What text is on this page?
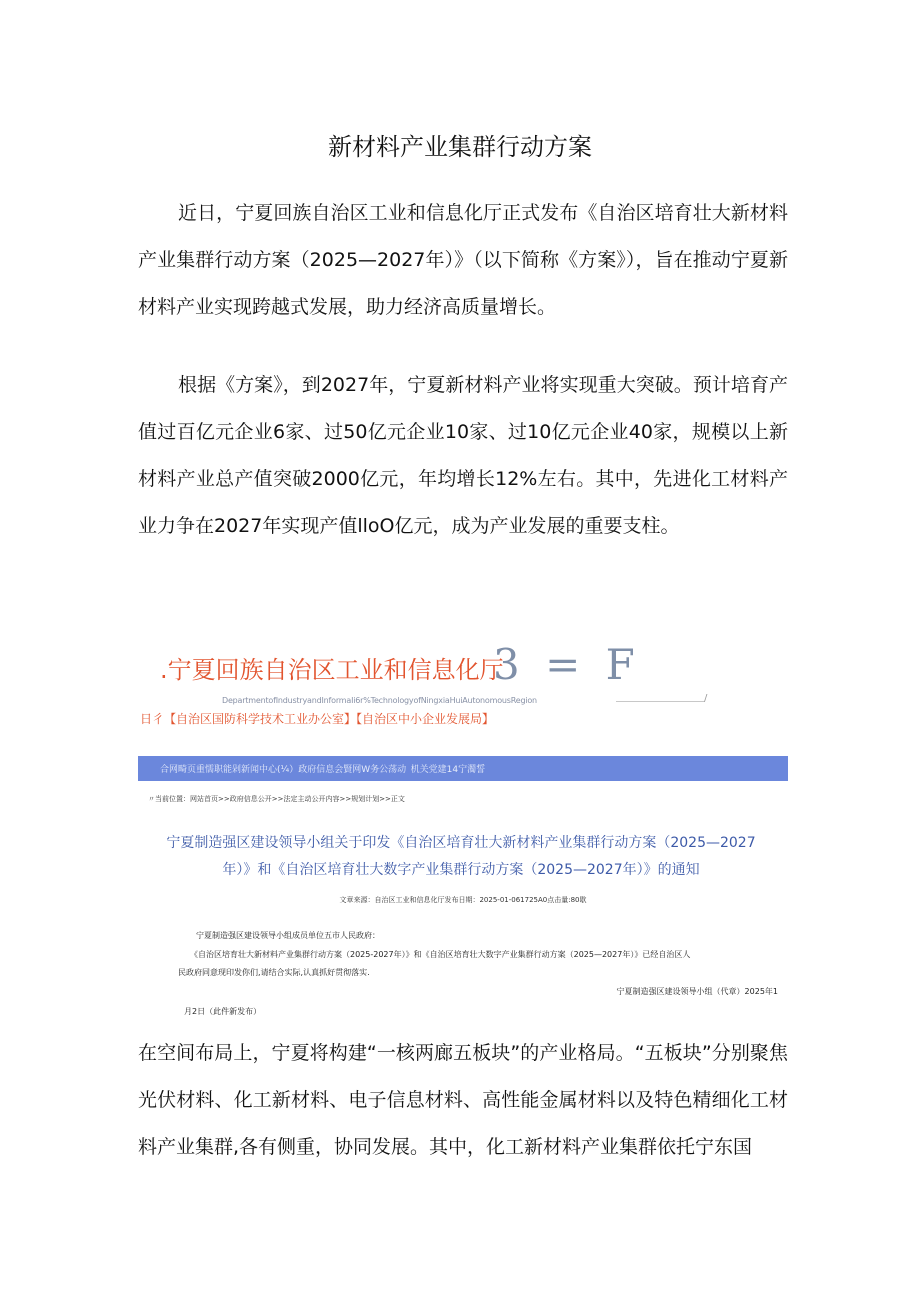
新材料产业集群行动方案

近日，宁夏回族自治区工业和信息化厅正式发布《自治区培育壮大新材料产业集群行动方案（2025—2027年）》（以下简称《方案》），旨在推动宁夏新材料产业实现跨越式发展，助力经济高质量增长。

根据《方案》，到2027年，宁夏新材料产业将实现重大突破。预计培育产值过百亿元企业6家、过50亿元企业10家、过10亿元企业40家，规模以上新材料产业总产值突破2000亿元，年均增长12%左右。其中，先进化工材料产业力争在2027年实现产值lloO亿元，成为产业发展的重要支柱。

.宁夏回族自治区工业和信息化厅
3 = F
DepartmentofIndustryandInformaIi6r%TechnologyofNingxiaHuiAutonomousRegion	/
日彳【自治区国防科学技术工业办公室】【自治区中小企业发展局】
合网畸页重懦职能剁新闻中心(¼）政府信息会賢网W务公荡动 机关党建14宁濁誓
〃当前位置：网站首页>>政府信息公开>>法定主动公开内容>>规划计划>>正文
宁夏制造强区建设领导小组关于印发《自治区培育壮大新材料产业集群行动方案（2025—2027年）》和《自治区培育壮大数字产业集群行动方案（2025—2027年）》的通知
文章来源：自治区工业和信息化厅发布日期：2025-01-061725A0点击量:80歇
宁夏制造强区建设领导小组成员单位五市人民政府：
《自治区培育壮大新材料产业集群行动方案（2025-2027年）》和《自治区培育壮大数字产业集群行动方案（2025—2027年）》已经自治区人
民政府同意现印发你们,请结合实际,认真抓好贯彻落实.
宁夏制造强区建设领导小组（代章）2025年1
月2日（此件新发布）

在空间布局上，宁夏将构建“一核两廊五板块”的产业格局。“五板块”分别聚焦光伏材料、化工新材料、电子信息材料、高性能金属材料以及特色精细化工材料产业集群,各有侧重，协同发展。其中，化工新材料产业集群依托宁东国
